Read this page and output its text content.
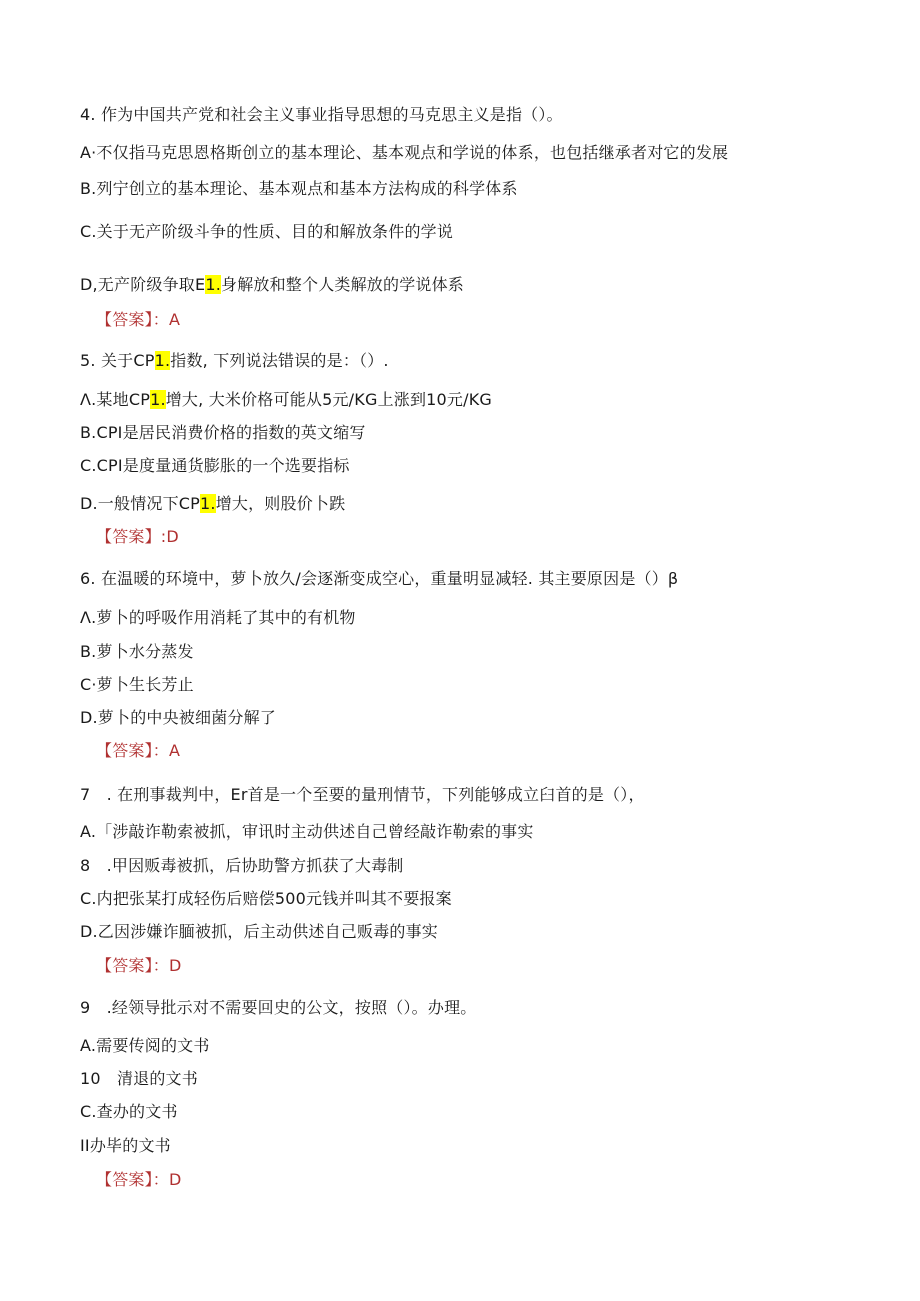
4. 作为中国共产党和社会主义事业指导思想的马克思主义是指（）。
A·不仅指马克思恩格斯创立的基本理论、基本观点和学说的体系，也包括继承者对它的发展
B.列宁创立的基本理论、基本观点和基本方法构成的科学体系
C.关于无产阶级斗争的性质、目的和解放条件的学说
D,无产阶级争取E1.身解放和整个人类解放的学说体系
【答案】：A
5. 关于CP1.指数, 下列说法错误的是：（）.
Λ.某地CP1.增大, 大米价格可能从5元/KG上涨到10元/KG
B.CPI是居民消费价格的指数的英文缩写
C.CPI是度量通货膨胀的一个选要指标
D.一般情况下CP1.增大，则股价卜跌
【答案】:D
6. 在温暖的环境中，萝卜放久/会逐渐变成空心，重量明显减轻. 其主要原因是（）β
Λ.萝卜的呼吸作用消耗了其中的有机物
B.萝卜水分蒸发
C·萝卜生长芳止
D.萝卜的中央被细菌分解了
【答案】：A
7　. 在刑事裁判中，Er首是一个至要的量刑情节，下列能够成立臼首的是（），
A.「涉敲诈勒索被抓，审讯时主动供述自己曾经敲诈勒索的事实
8　.甲因贩毒被抓，后协助警方抓获了大毒制
C.内把张某打成轻伤后赔偿500元钱并叫其不要报案
D.乙因涉嫌诈腼被抓，后主动供述自己贩毒的事实
【答案】：D
9　.经领导批示对不需要回史的公文，按照（）。办理。
A.需要传阅的文书
10　清退的文书
C.查办的文书
II办毕的文书
【答案】：D
